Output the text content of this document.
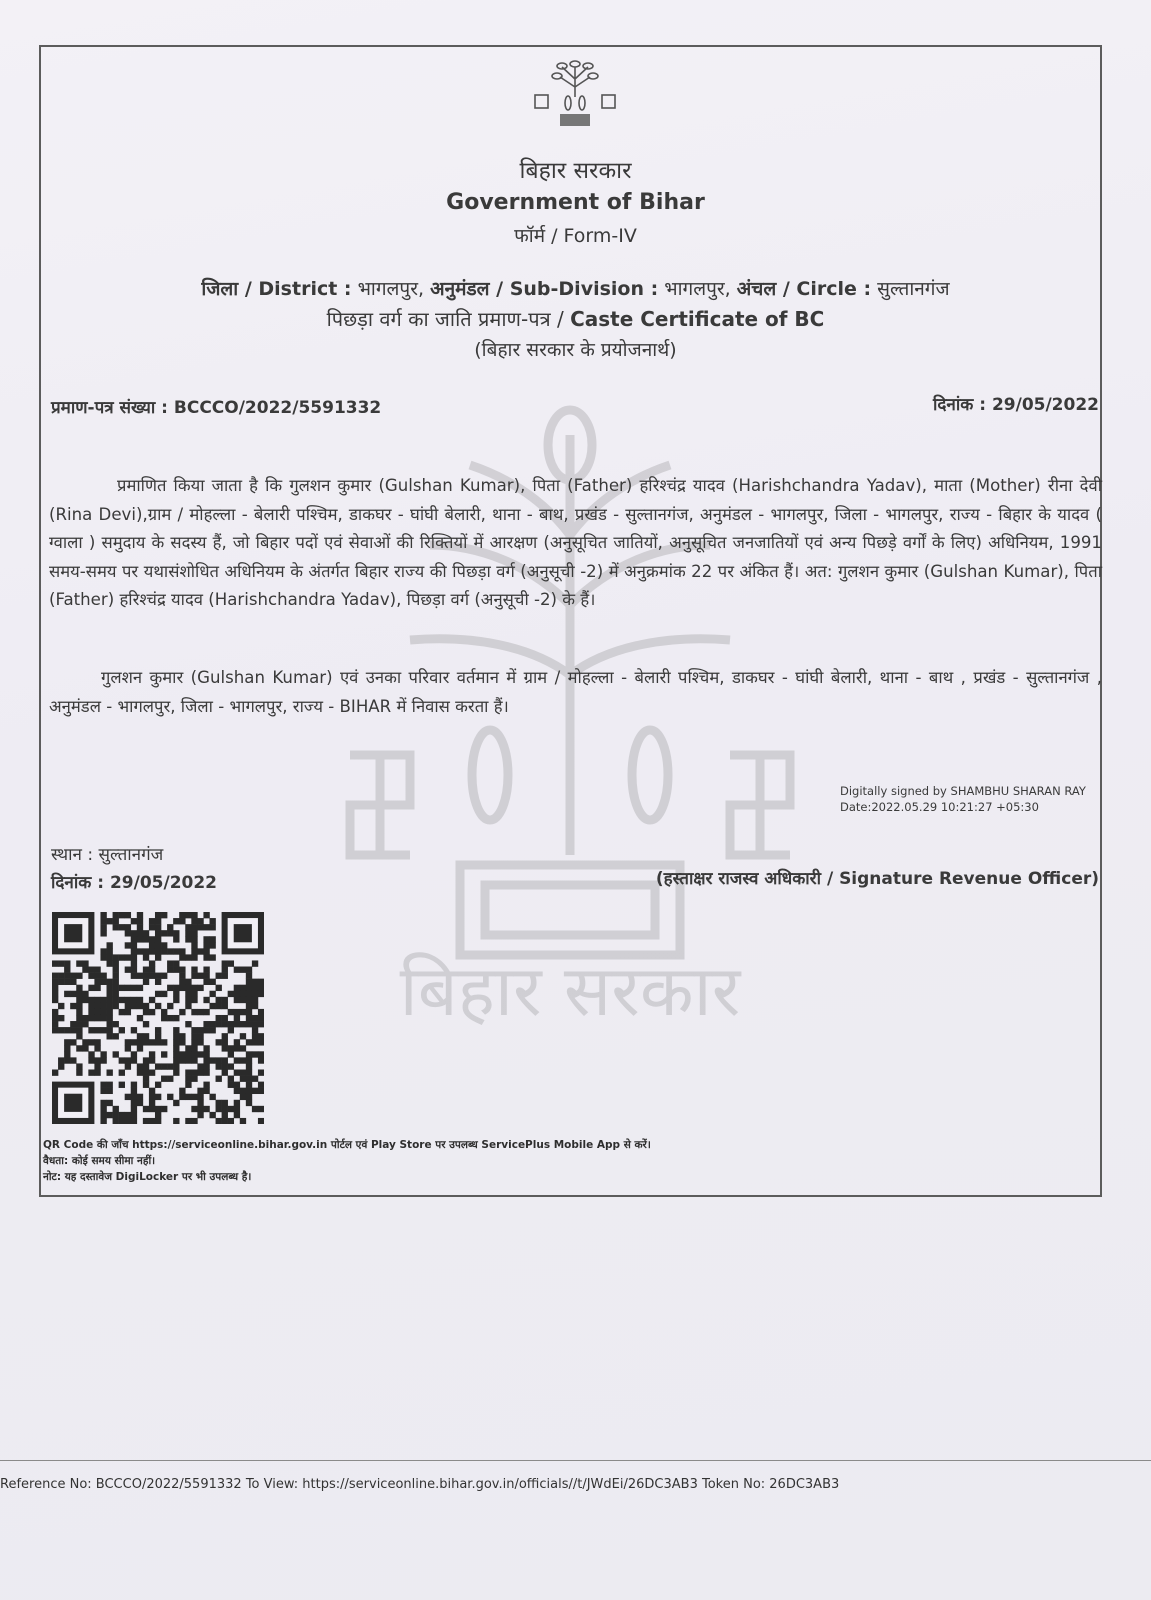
बिहार सरकार
Government of Bihar
फॉर्म / Form-IV
जिला / District : भागलपुर, अनुमंडल / Sub-Division : भागलपुर, अंचल / Circle : सुल्तानगंज
पिछड़ा वर्ग का जाति प्रमाण-पत्र / Caste Certificate of BC
(बिहार सरकार के प्रयोजनार्थ)
प्रमाण-पत्र संख्या : BCCCO/2022/5591332	दिनांक : 29/05/2022
बिहार सरकार
प्रमाणित किया जाता है कि गुलशन कुमार (Gulshan Kumar), पिता (Father) हरिश्चंद्र यादव (Harishchandra Yadav), माता (Mother) रीना देवी (Rina Devi),ग्राम / मोहल्ला - बेलारी पश्चिम, डाकघर - घांघी बेलारी, थाना - बाथ, प्रखंड - सुल्तानगंज, अनुमंडल - भागलपुर, जिला - भागलपुर, राज्य - बिहार के यादव ( ग्वाला ) समुदाय के सदस्य हैं, जो बिहार पदों एवं सेवाओं की रिक्तियों में आरक्षण (अनुसूचित जातियों, अनुसूचित जनजातियों एवं अन्य पिछड़े वर्गों के लिए) अधिनियम, 1991 समय-समय पर यथासंशोधित अधिनियम के अंतर्गत बिहार राज्य की पिछड़ा वर्ग (अनुसूची -2) में अनुक्रमांक 22 पर अंकित हैं। अत: गुलशन कुमार (Gulshan Kumar), पिता (Father) हरिश्चंद्र यादव (Harishchandra Yadav), पिछड़ा वर्ग (अनुसूची -2) के हैं।
गुलशन कुमार (Gulshan Kumar) एवं उनका परिवार वर्तमान में ग्राम / मोहल्ला - बेलारी पश्चिम, डाकघर - घांघी बेलारी, थाना - बाथ , प्रखंड - सुल्तानगंज , अनुमंडल - भागलपुर, जिला - भागलपुर, राज्य - BIHAR में निवास करता हैं।
Digitally signed by SHAMBHU SHARAN RAY
Date:2022.05.29 10:21:27 +05:30
स्थान : सुल्तानगंज
दिनांक : 29/05/2022	(हस्ताक्षर राजस्व अधिकारी / Signature Revenue Officer)
QR Code की जाँच https://serviceonline.bihar.gov.in पोर्टल एवं Play Store पर उपलब्ध ServicePlus Mobile App से करें।
वैधता: कोई समय सीमा नहीं।
नोट: यह दस्तावेज DigiLocker पर भी उपलब्ध है।
Reference No: BCCCO/2022/5591332 To View: https://serviceonline.bihar.gov.in/officials//t/JWdEi/26DC3AB3 Token No: 26DC3AB3
